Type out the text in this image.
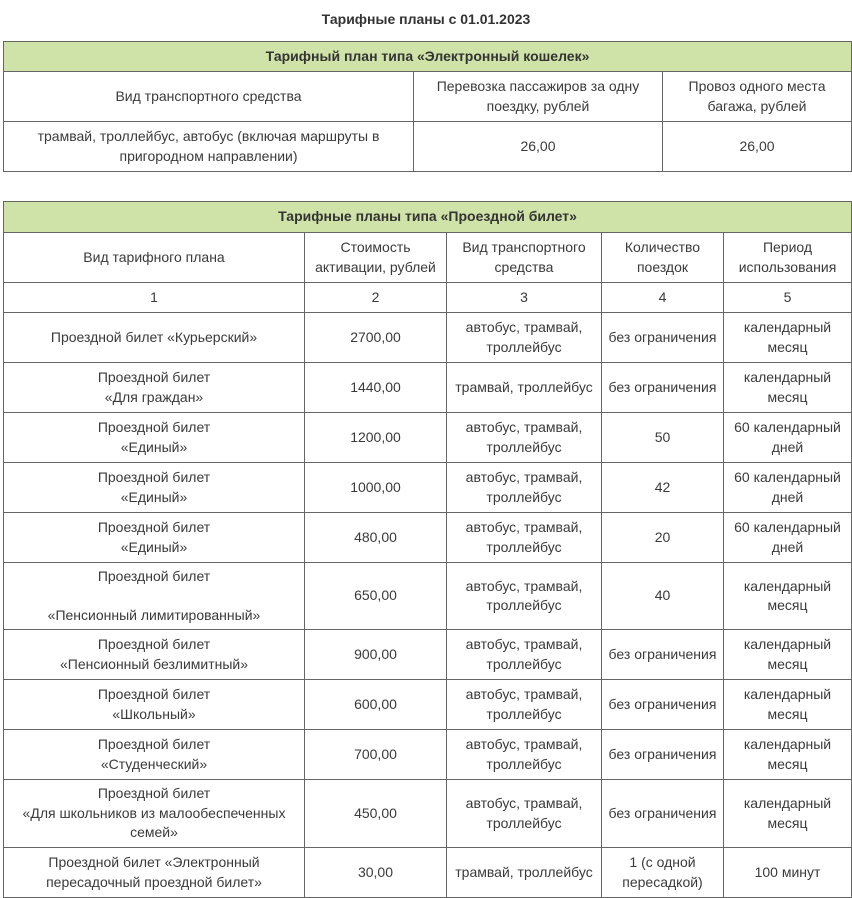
Тарифные планы с 01.01.2023
Тарифный план типа «Электронный кошелек»		
Вид транспортного средства	Перевозка пассажиров за одну поездку, рублей	Провоз одного места багажа, рублей
трамвай, троллейбус, автобус (включая маршруты в пригородном направлении)	26,00	26,00
Тарифные планы типа «Проездной билет»				
Вид тарифного плана	Стоимость активации, рублей	Вид транспортного средства	Количество поездок	Период использования
1	2	3	4	5
Проездной билет «Курьерский»	2700,00	автобус, трамвай, троллейбус	без ограничения	календарный месяц
Проездной билет
«Для граждан»	1440,00	трамвай, троллейбус	без ограничения	календарный месяц
Проездной билет
«Единый»	1200,00	автобус, трамвай, троллейбус	50	60 календарный дней
Проездной билет
«Единый»	1000,00	автобус, трамвай, троллейбус	42	60 календарный дней
Проездной билет
«Единый»	480,00	автобус, трамвай, троллейбус	20	60 календарный дней
Проездной билет

«Пенсионный лимитированный»	650,00	автобус, трамвай, троллейбус	40	календарный месяц
Проездной билет
«Пенсионный безлимитный»	900,00	автобус, трамвай, троллейбус	без ограничения	календарный месяц
Проездной билет
«Школьный»	600,00	автобус, трамвай, троллейбус	без ограничения	календарный месяц
Проездной билет
«Студенческий»	700,00	автобус, трамвай, троллейбус	без ограничения	календарный месяц
Проездной билет
«Для школьников из малообеспеченных семей»	450,00	автобус, трамвай, троллейбус	без ограничения	календарный месяц
Проездной билет «Электронный пересадочный проездной билет»	30,00	трамвай, троллейбус	1 (с одной пересадкой)	100 минут
